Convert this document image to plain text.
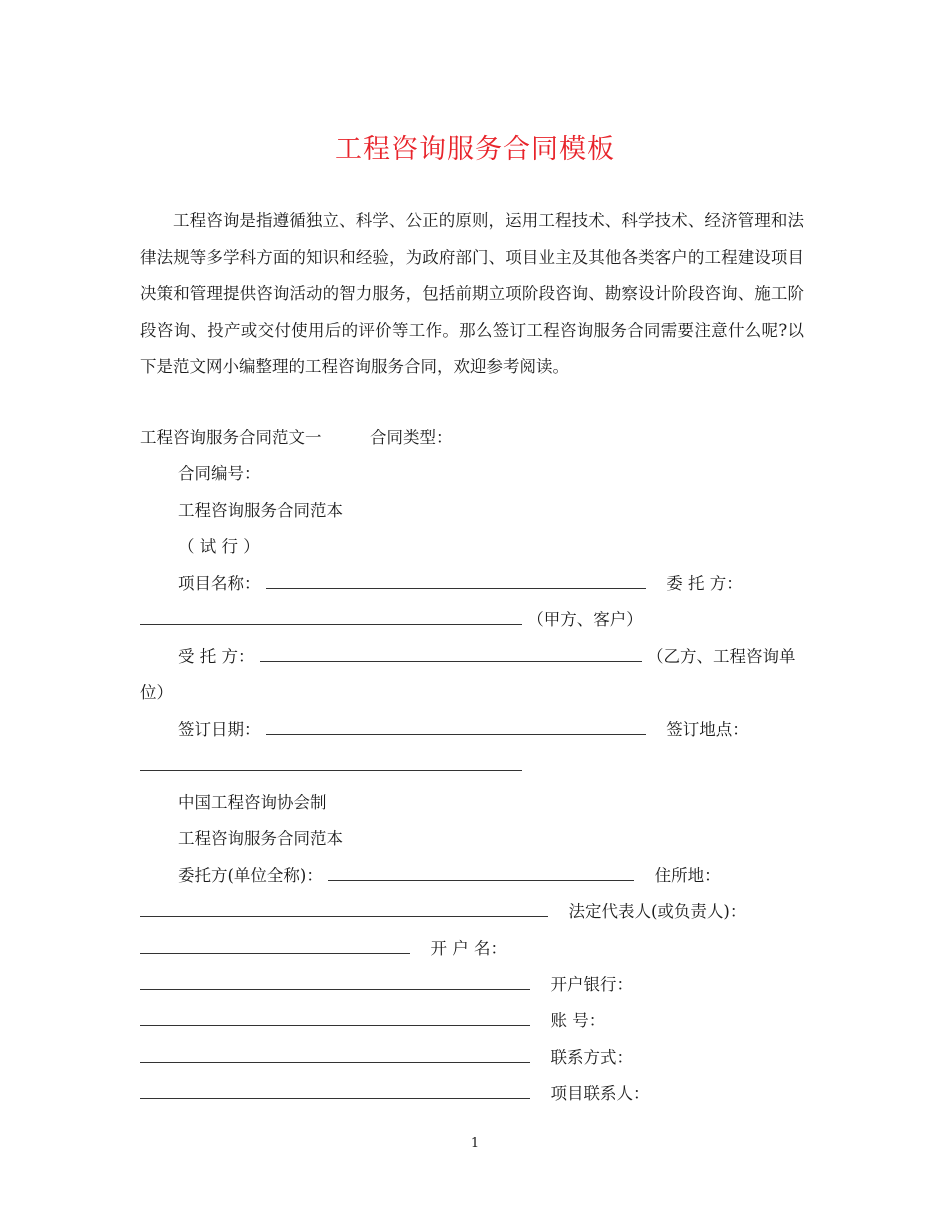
工程咨询服务合同模板
工程咨询是指遵循独立、科学、公正的原则，运用工程技术、科学技术、经济管理和法律法规等多学科方面的知识和经验，为政府部门、项目业主及其他各类客户的工程建设项目决策和管理提供咨询活动的智力服务，包括前期立项阶段咨询、勘察设计阶段咨询、施工阶段咨询、投产或交付使用后的评价等工作。那么签订工程咨询服务合同需要注意什么呢?以下是范文网小编整理的工程咨询服务合同，欢迎参考阅读。
工程咨询服务合同范文一	合同类型：
合同编号：
工程咨询服务合同范本
（ 试 行 ）
项目名称：	委 托 方：
（甲方、客户）
受 托 方：	（乙方、工程咨询单
位）
签订日期：	签订地点：
中国工程咨询协会制
工程咨询服务合同范本
委托方(单位全称)：	住所地：
法定代表人(或负责人)：
开 户 名：
开户银行：
账 号：
联系方式：
项目联系人：
1
